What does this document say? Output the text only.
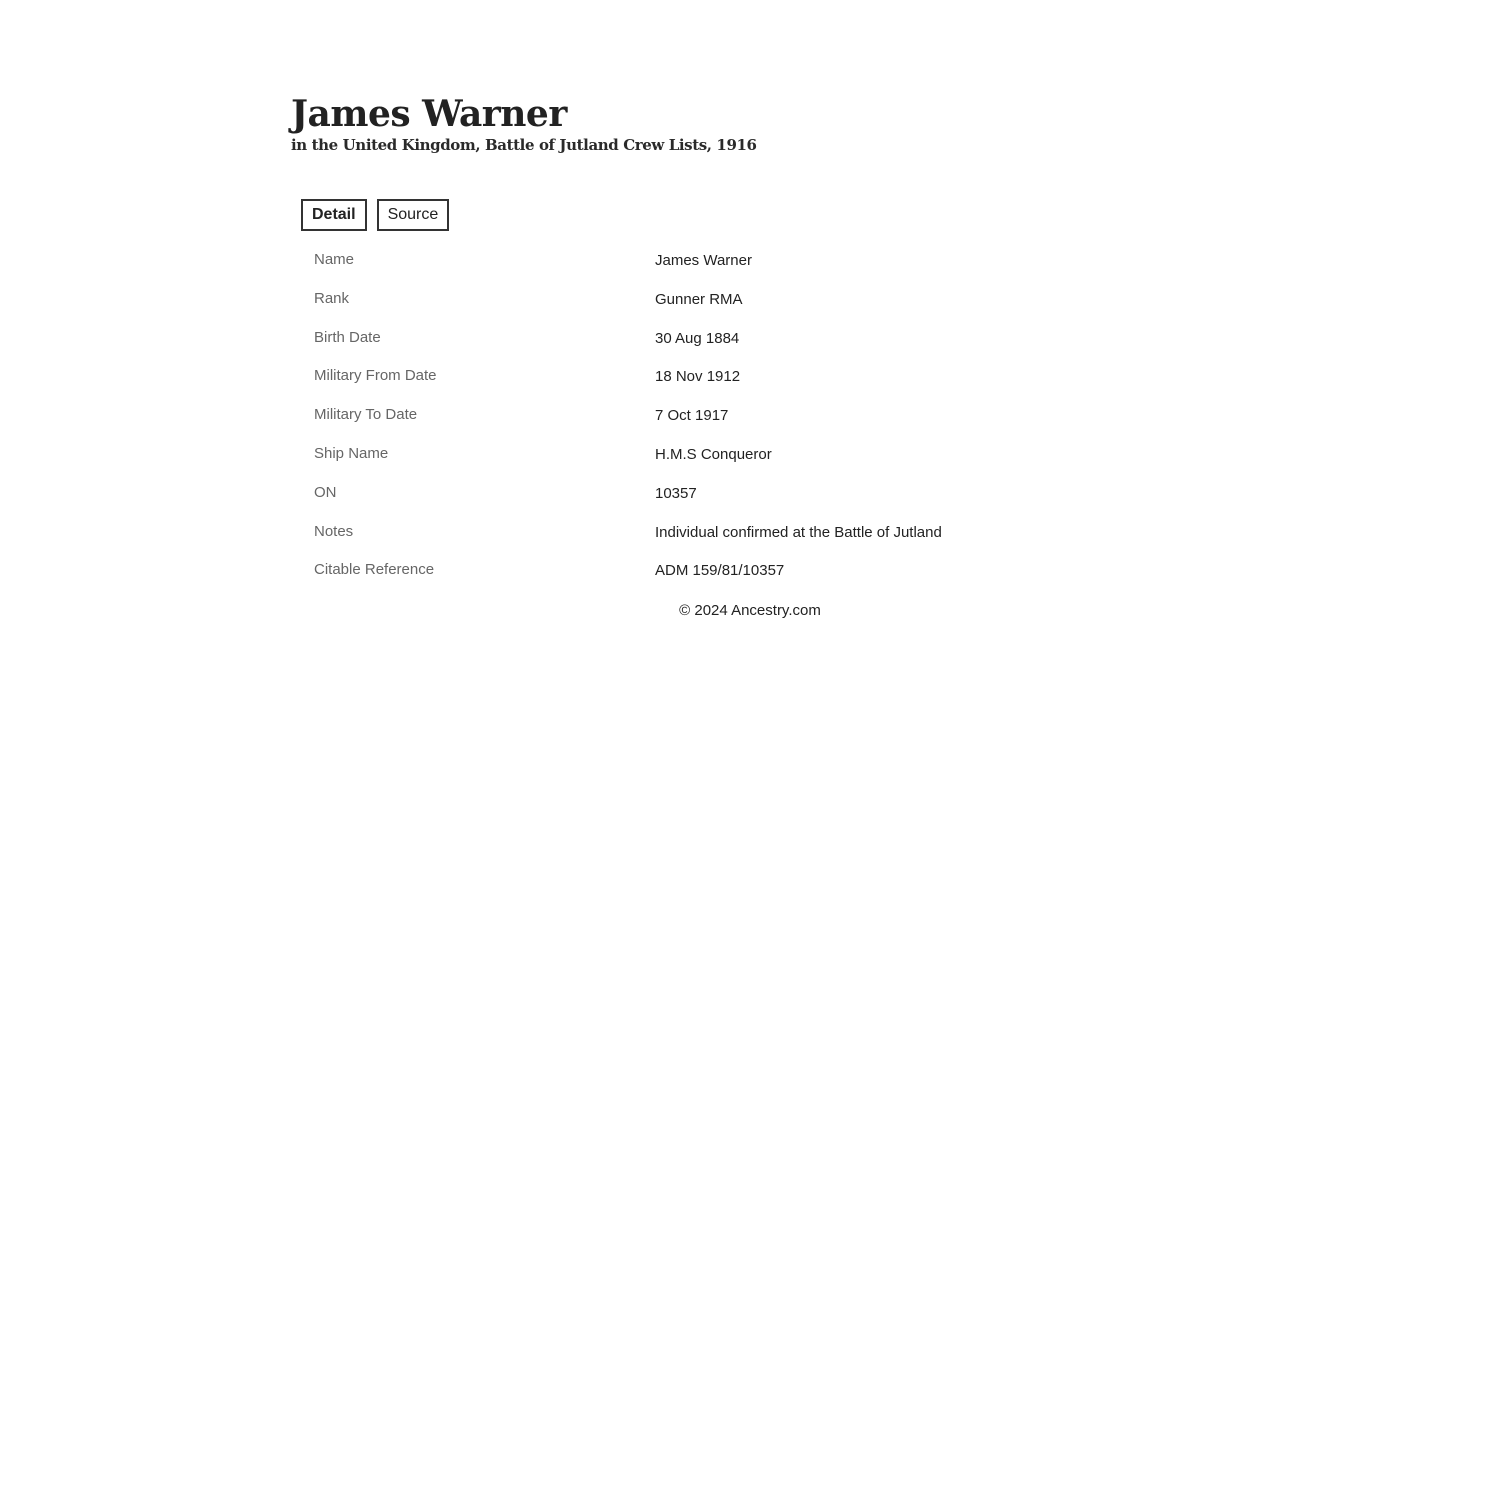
James Warner
in the United Kingdom, Battle of Jutland Crew Lists, 1916
Detail	Source
Name	James Warner
Rank	Gunner RMA
Birth Date	30 Aug 1884
Military From Date	18 Nov 1912
Military To Date	7 Oct 1917
Ship Name	H.M.S Conqueror
ON	10357
Notes	Individual confirmed at the Battle of Jutland
Citable Reference	ADM 159/81/10357
© 2024 Ancestry.com
